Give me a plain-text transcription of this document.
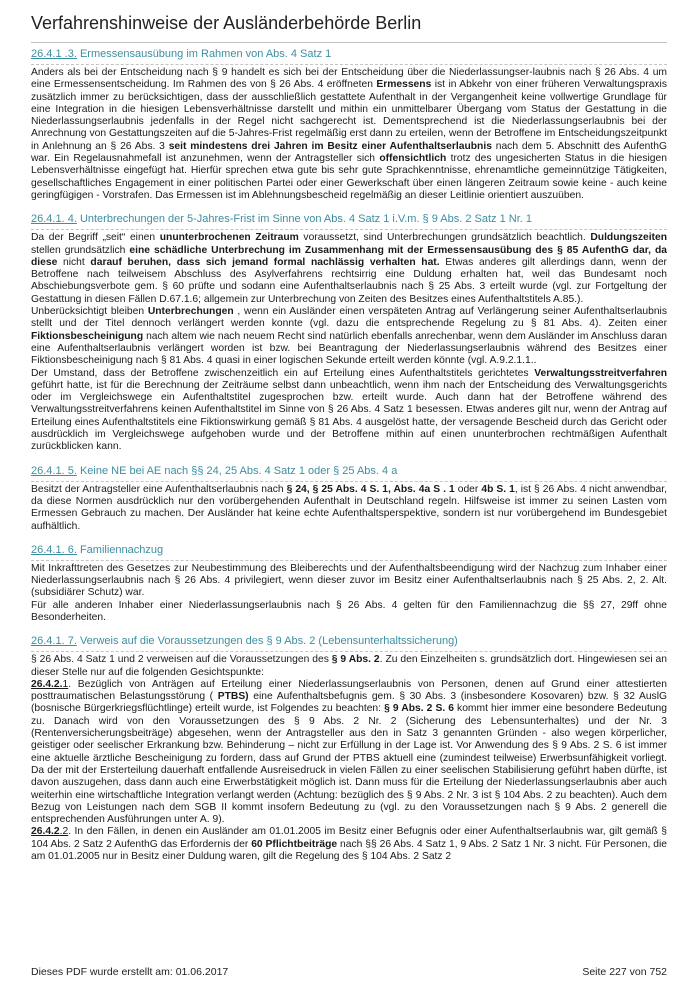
Verfahrenshinweise der Ausländerbehörde Berlin
26.4.1 .3. Ermessensausübung im Rahmen von Abs. 4 Satz 1

Anders als bei der Entscheidung nach § 9 handelt es sich bei der Entscheidung über die Niederlassungser-laubnis nach § 26 Abs. 4 um eine Ermessensentscheidung. Im Rahmen des von § 26 Abs. 4 eröffneten Ermessens ist in Abkehr von einer früheren Verwaltungspraxis zusätzlich immer zu berücksichtigen, dass der ausschließlich gestattete Aufenthalt in der Vergangenheit keine vollwertige Grundlage für eine Integration in die hiesigen Lebensverhältnisse darstellt und mithin ein unmittelbarer Übergang vom Status der Gestattung in die Niederlassungserlaubnis jedenfalls in der Regel nicht sachgerecht ist. Dementsprechend ist die Niederlassungserlaubnis bei der Anrechnung von Gestattungszeiten auf die 5-Jahres-Frist regelmäßig erst dann zu erteilen, wenn der Betroffene im Entscheidungszeitpunkt in Anlehnung an § 26 Abs. 3 seit mindestens drei Jahren im Besitz einer Aufenthaltserlaubnis nach dem 5. Abschnitt des AufenthG war. Ein Regelausnahmefall ist anzunehmen, wenn der Antragsteller sich offensichtlich trotz des ungesicherten Status in die hiesigen Lebensverhältnisse eingefügt hat. Hierfür sprechen etwa gute bis sehr gute Sprachkenntnisse, ehrenamtliche gemeinnützige Tätigkeiten, gesellschaftliches Engagement in einer politischen Partei oder einer Gewerkschaft über einen längeren Zeitraum sowie keine - auch keine geringfügigen - Vorstrafen. Das Ermessen ist im Ablehnungsbescheid regelmäßig an dieser Leitlinie orientiert auszuüben.

26.4.1. 4. Unterbrechungen der 5-Jahres-Frist im Sinne von Abs. 4 Satz 1 i.V.m. § 9 Abs. 2 Satz 1 Nr. 1

Da der Begriff „seit“ einen ununterbrochenen Zeitraum voraussetzt, sind Unterbrechungen grundsätzlich beachtlich. Duldungszeiten stellen grundsätzlich eine schädliche Unterbrechung im Zusammenhang mit der Ermessensausübung des § 85 AufenthG dar, da diese nicht darauf beruhen, dass sich jemand formal nachlässig verhalten hat. Etwas anderes gilt allerdings dann, wenn der Betroffene nach teilweisem Abschluss des Asylverfahrens rechtsirrig eine Duldung erhalten hat, weil das Bundesamt noch Abschiebungsverbote gem. § 60 prüfte und sodann eine Aufenthaltserlaubnis nach § 25 Abs. 3 erteilt wurde (vgl. zur Fortgeltung der Gestattung in diesen Fällen D.67.1.6; allgemein zur Unterbrechung von Zeiten des Besitzes eines Aufenthaltstitels A.85.).

Unberücksichtigt bleiben Unterbrechungen , wenn ein Ausländer einen verspäteten Antrag auf Verlängerung seiner Aufenthaltserlaubnis stellt und der Titel dennoch verlängert werden konnte (vgl. dazu die entsprechende Regelung zu § 81 Abs. 4). Zeiten einer Fiktionsbescheinigung nach altem wie nach neuem Recht sind natürlich ebenfalls anrechenbar, wenn dem Ausländer im Anschluss daran eine Aufenthaltserlaubnis verlängert worden ist bzw. bei Beantragung der Niederlassungserlaubnis während des Besitzes einer Fiktionsbescheinigung nach § 81 Abs. 4 quasi in einer logischen Sekunde erteilt werden könnte (vgl. A.9.2.1.1..

Der Umstand, dass der Betroffene zwischenzeitlich ein auf Erteilung eines Aufenthaltstitels gerichtetes Verwaltungsstreitverfahren geführt hatte, ist für die Berechnung der Zeiträume selbst dann unbeachtlich, wenn ihm nach der Entscheidung des Verwaltungsgerichts oder im Vergleichswege ein Aufenthaltstitel zugesprochen bzw. erteilt wurde. Auch dann hat der Betroffene während des Verwaltungsstreitverfahrens keinen Aufenthaltstitel im Sinne von § 26 Abs. 4 Satz 1 besessen. Etwas anderes gilt nur, wenn der Antrag auf Erteilung eines Aufenthaltstitels eine Fiktionswirkung gemäß § 81 Abs. 4 ausgelöst hatte, der versagende Bescheid durch das Gericht oder ausdrücklich im Vergleichswege aufgehoben wurde und der Betroffene mithin auf einen ununterbrochen rechtmäßigen Aufenthalt zurückblicken kann.

26.4.1. 5. Keine NE bei AE nach §§ 24, 25 Abs. 4 Satz 1 oder § 25 Abs. 4 a

Besitzt der Antragsteller eine Aufenthaltserlaubnis nach § 24, § 25 Abs. 4 S. 1, Abs. 4a S . 1 oder 4b S. 1, ist § 26 Abs. 4 nicht anwendbar, da diese Normen ausdrücklich nur den vorübergehenden Aufenthalt in Deutschland regeln. Hilfsweise ist immer zu seinen Lasten vom Ermessen Gebrauch zu machen. Der Ausländer hat keine echte Aufenthaltsperspektive, sondern ist nur vorübergehend im Bundesgebiet aufhältlich.

26.4.1. 6. Familiennachzug

Mit Inkrafttreten des Gesetzes zur Neubestimmung des Bleiberechts und der Aufenthaltsbeendigung wird der Nachzug zum Inhaber einer Niederlassungserlaubnis nach § 26 Abs. 4 privilegiert, wenn dieser zuvor im Besitz einer Aufenthaltserlaubnis nach § 25 Abs. 2, 2. Alt. (subsidiärer Schutz) war.

Für alle anderen Inhaber einer Niederlassungserlaubnis nach § 26 Abs. 4 gelten für den Familiennachzug die §§ 27, 29ff ohne Besonderheiten.

26.4.1. 7. Verweis auf die Voraussetzungen des § 9 Abs. 2 (Lebensunterhaltssicherung)

§ 26 Abs. 4 Satz 1 und 2 verweisen auf die Voraussetzungen des § 9 Abs. 2. Zu den Einzelheiten s. grundsätzlich dort. Hingewiesen sei an dieser Stelle nur auf die folgenden Gesichtspunkte:

26.4.2.1. Bezüglich von Anträgen auf Erteilung einer Niederlassungserlaubnis von Personen, denen auf Grund einer attestierten posttraumatischen Belastungsstörung ( PTBS) eine Aufenthaltsbefugnis gem. § 30 Abs. 3 (insbesondere Kosovaren) bzw. § 32 AuslG (bosnische Bürgerkriegsflüchtlinge) erteilt wurde, ist Folgendes zu beachten: § 9 Abs. 2 S. 6 kommt hier immer eine besondere Bedeutung zu. Danach wird von den Voraussetzungen des § 9 Abs. 2 Nr. 2 (Sicherung des Lebensunterhaltes) und der Nr. 3 (Rentenversicherungsbeiträge) abgesehen, wenn der Antragsteller aus den in Satz 3 genannten Gründen - also wegen körperlicher, geistiger oder seelischer Erkrankung bzw. Behinderung – nicht zur Erfüllung in der Lage ist. Vor Anwendung des § 9 Abs. 2 S. 6 ist immer eine aktuelle ärztliche Bescheinigung zu fordern, dass auf Grund der PTBS aktuell eine (zumindest teilweise) Erwerbsunfähigkeit vorliegt. Da der mit der Ersterteilung dauerhaft entfallende Ausreisedruck in vielen Fällen zu einer seelischen Stabilisierung geführt haben dürfte, ist davon auszugehen, dass dann auch eine Erwerbstätigkeit möglich ist. Dann muss für die Erteilung der Niederlassungserlaubnis aber auch weiterhin eine wirtschaftliche Integration verlangt werden (Achtung: bezüglich des § 9 Abs. 2 Nr. 3 ist § 104 Abs. 2 zu beachten). Auch dem Bezug von Leistungen nach dem SGB II kommt insofern Bedeutung zu (vgl. zu den Voraussetzungen nach § 9 Abs. 2 generell die entsprechenden Ausführungen unter A. 9).

26.4.2.2. In den Fällen, in denen ein Ausländer am 01.01.2005 im Besitz einer Befugnis oder einer Aufenthaltserlaubnis war, gilt gemäß § 104 Abs. 2 Satz 2 AufenthG das Erfordernis der 60 Pflichtbeiträge nach §§ 26 Abs. 4 Satz 1, 9 Abs. 2 Satz 1 Nr. 3 nicht. Für Personen, die am 01.01.2005 nur in Besitz einer Duldung waren, gilt die Regelung des § 104 Abs. 2 Satz 2

Dieses PDF wurde erstellt am: 01.06.2017	Seite 227 von 752
